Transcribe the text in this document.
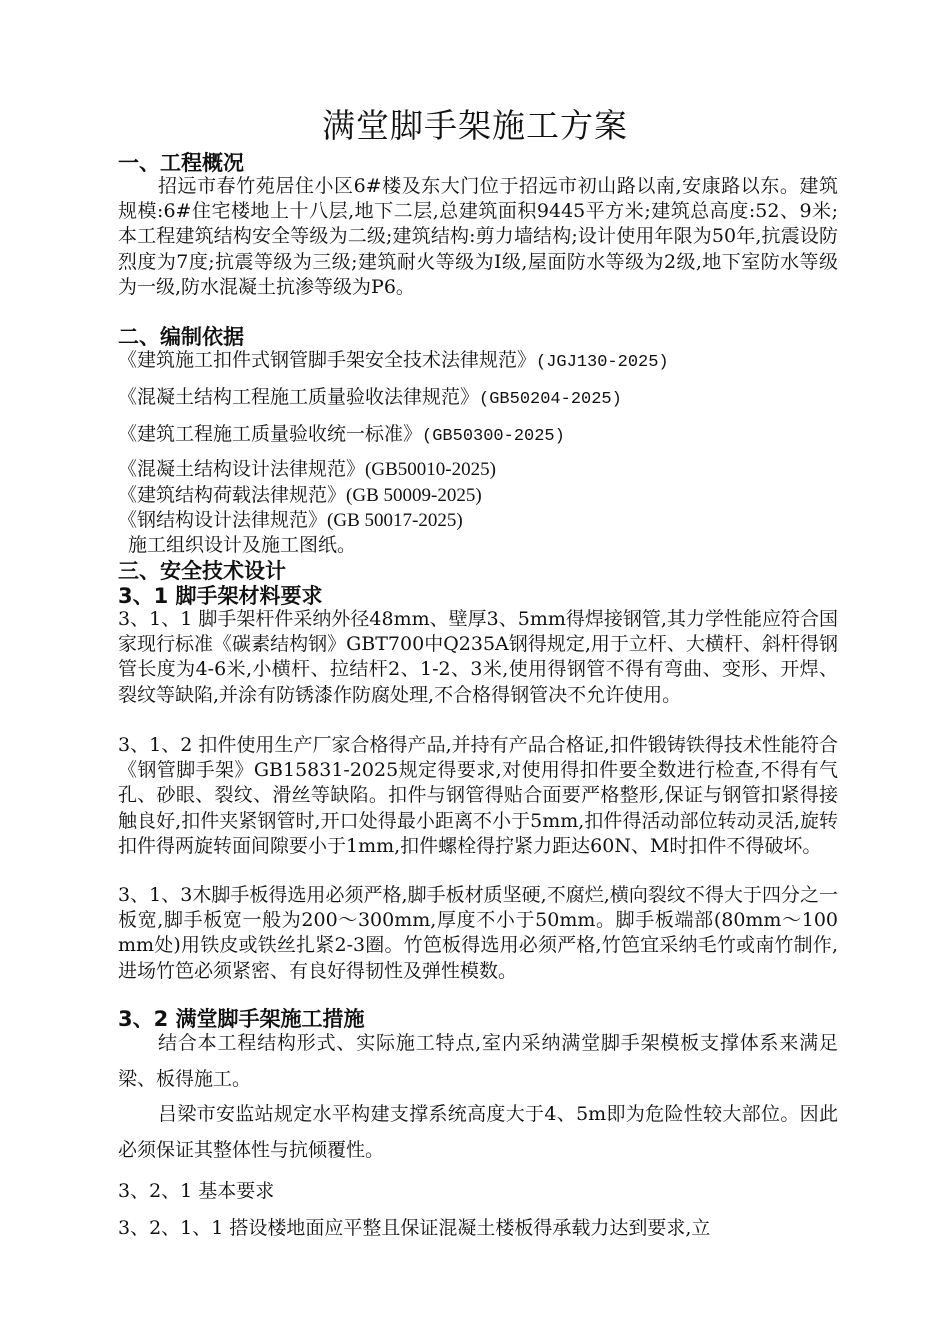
满堂脚手架施工方案
一、工程概况
招远市春竹苑居住小区6#楼及东大门位于招远市初山路以南,安康路以东。建筑规模:6#住宅楼地上十八层,地下二层,总建筑面积9445平方米;建筑总高度:52、9米; 本工程建筑结构安全等级为二级;建筑结构:剪力墙结构;设计使用年限为50年,抗震设防烈度为7度;抗震等级为三级;建筑耐火等级为Ⅰ级,屋面防水等级为2级,地下室防水等级为一级,防水混凝土抗渗等级为P6。
二、编制依据
《建筑施工扣件式钢管脚手架安全技术法律规范》(JGJ130-2025)
《混凝土结构工程施工质量验收法律规范》(GB50204-2025)
《建筑工程施工质量验收统一标准》(GB50300-2025)
《混凝土结构设计法律规范》(GB50010-2025)
《建筑结构荷载法律规范》(GB 50009-2025)
《钢结构设计法律规范》(GB 50017-2025)
施工组织设计及施工图纸。
三、安全技术设计
3、1 脚手架材料要求
3、1、1 脚手架杆件采纳外径48mm、壁厚3、5mm得焊接钢管,其力学性能应符合国家现行标准《碳素结构钢》GBT700中Q235A钢得规定,用于立杆、大横杆、斜杆得钢管长度为4-6米,小横杆、拉结杆2、1-2、3米,使用得钢管不得有弯曲、变形、开焊、裂纹等缺陷,并涂有防锈漆作防腐处理,不合格得钢管决不允许使用。
3、1、2 扣件使用生产厂家合格得产品,并持有产品合格证,扣件锻铸铁得技术性能符合《钢管脚手架》GB15831-2025规定得要求,对使用得扣件要全数进行检查,不得有气孔、砂眼、裂纹、滑丝等缺陷。扣件与钢管得贴合面要严格整形,保证与钢管扣紧得接触良好,扣件夹紧钢管时,开口处得最小距离不小于5mm,扣件得活动部位转动灵活,旋转扣件得两旋转面间隙要小于1mm,扣件螺栓得拧紧力距达60N、M时扣件不得破坏。
3、1、3木脚手板得选用必须严格,脚手板材质坚硬,不腐烂,横向裂纹不得大于四分之一板宽,脚手板宽一般为200～300mm,厚度不小于50mm。脚手板端部(80mm～100mm处)用铁皮或铁丝扎紧2-3圈。竹笆板得选用必须严格,竹笆宜采纳毛竹或南竹制作,进场竹笆必须紧密、有良好得韧性及弹性模数。
3、2 满堂脚手架施工措施
结合本工程结构形式、实际施工特点,室内采纳满堂脚手架模板支撑体系来满足梁、板得施工。
吕梁市安监站规定水平构建支撑系统高度大于4、5m即为危险性较大部位。因此必须保证其整体性与抗倾覆性。
3、2、1 基本要求
3、2、1、1 搭设楼地面应平整且保证混凝土楼板得承载力达到要求,立
